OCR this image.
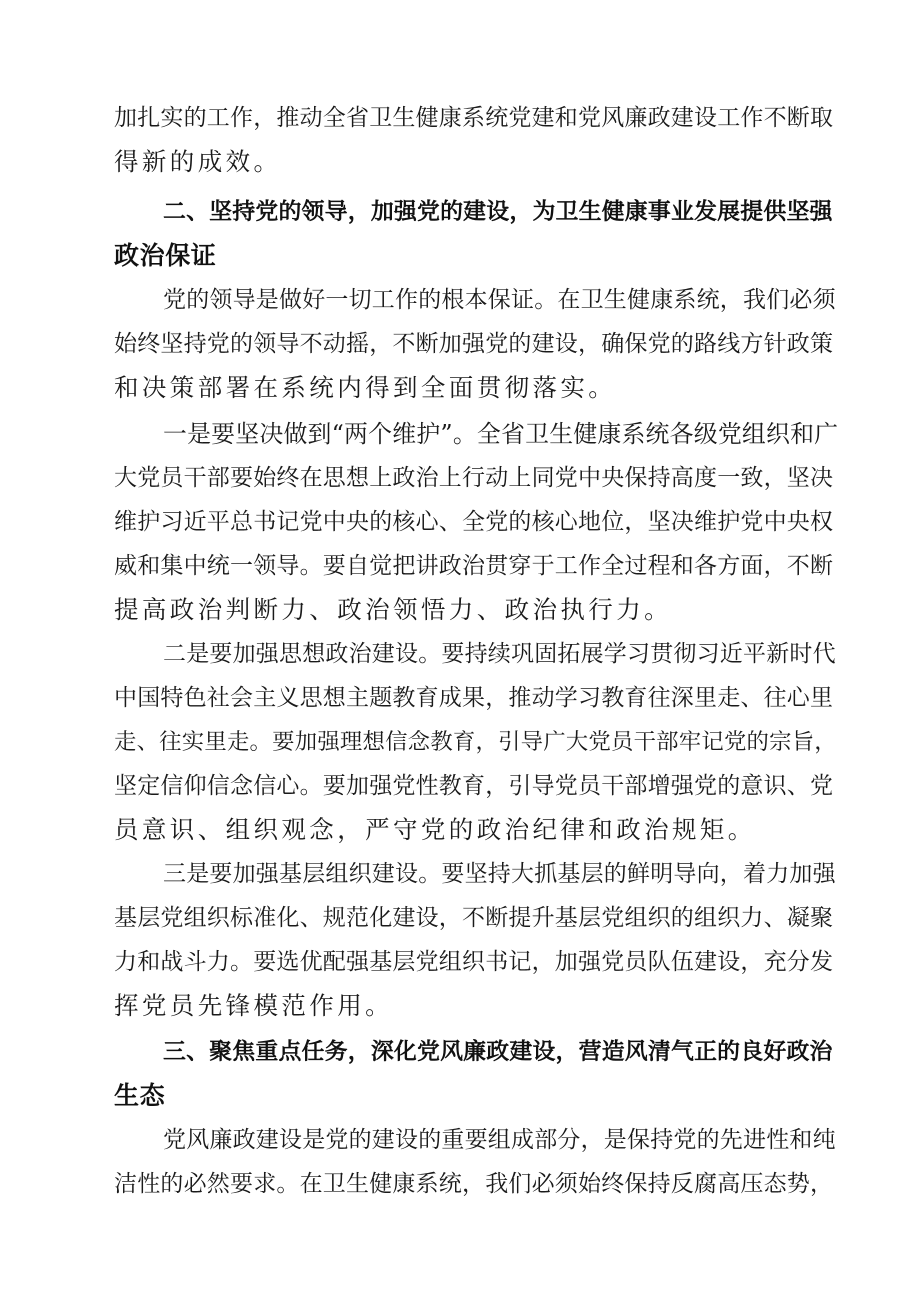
加扎实的工作，推动全省卫生健康系统党建和党风廉政建设工作不断取
得新的成效。
二、坚持党的领导，加强党的建设，为卫生健康事业发展提供坚强
政治保证
党的领导是做好一切工作的根本保证。在卫生健康系统，我们必须
始终坚持党的领导不动摇，不断加强党的建设，确保党的路线方针政策
和决策部署在系统内得到全面贯彻落实。
一是要坚决做到“两个维护”。全省卫生健康系统各级党组织和广
大党员干部要始终在思想上政治上行动上同党中央保持高度一致，坚决
维护习近平总书记党中央的核心、全党的核心地位，坚决维护党中央权
威和集中统一领导。要自觉把讲政治贯穿于工作全过程和各方面，不断
提高政治判断力、政治领悟力、政治执行力。
二是要加强思想政治建设。要持续巩固拓展学习贯彻习近平新时代
中国特色社会主义思想主题教育成果，推动学习教育往深里走、往心里
走、往实里走。要加强理想信念教育，引导广大党员干部牢记党的宗旨，
坚定信仰信念信心。要加强党性教育，引导党员干部增强党的意识、党
员意识、组织观念，严守党的政治纪律和政治规矩。
三是要加强基层组织建设。要坚持大抓基层的鲜明导向，着力加强
基层党组织标准化、规范化建设，不断提升基层党组织的组织力、凝聚
力和战斗力。要选优配强基层党组织书记，加强党员队伍建设，充分发
挥党员先锋模范作用。
三、聚焦重点任务，深化党风廉政建设，营造风清气正的良好政治
生态
党风廉政建设是党的建设的重要组成部分，是保持党的先进性和纯
洁性的必然要求。在卫生健康系统，我们必须始终保持反腐高压态势，
